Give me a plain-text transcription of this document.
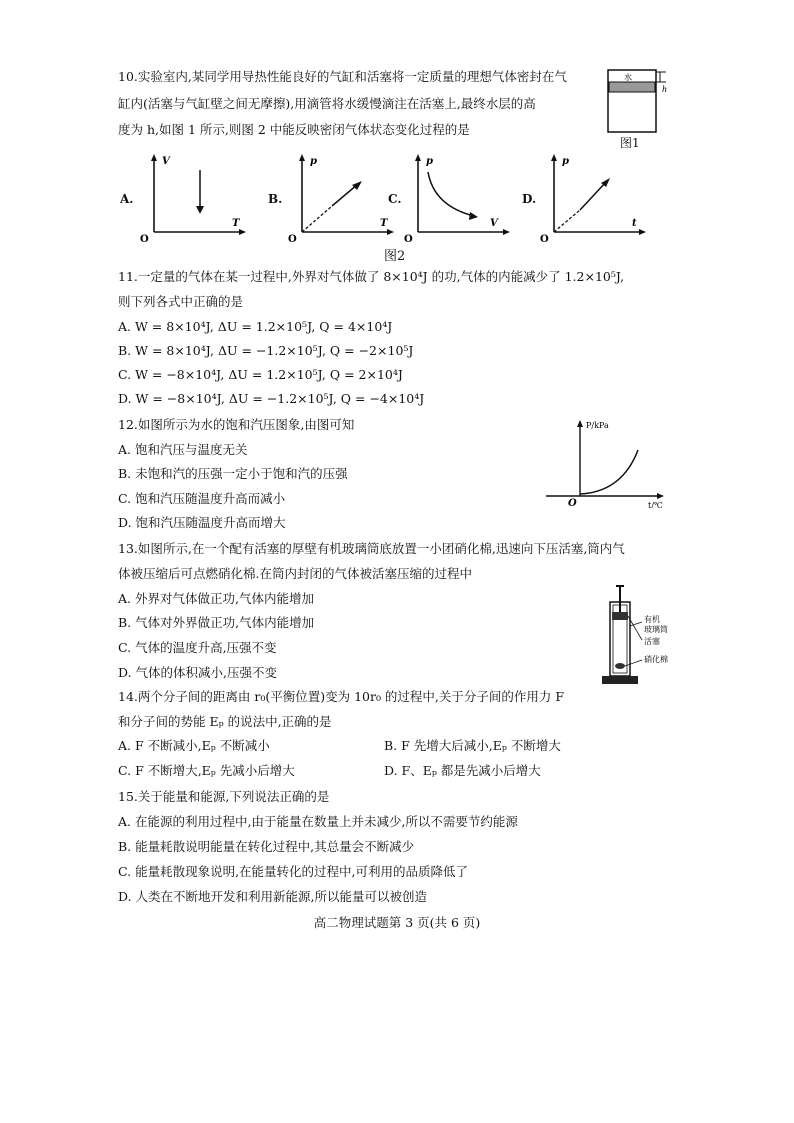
10.实验室内,某同学用导热性能良好的气缸和活塞将一定质量的理想气体密封在气
缸内(活塞与气缸壁之间无摩擦),用滴管将水缓慢滴注在活塞上,最终水层的高
度为 h,如图 1 所示,则图 2 中能反映密闭气体状态变化过程的是
水
h
图1
A.
V
T
O
B.
p
T
O
C.
p
V
O
D.
p
t
O
图2
11.一定量的气体在某一过程中,外界对气体做了 8×10⁴J 的功,气体的内能减少了 1.2×10⁵J,
则下列各式中正确的是
A. W = 8×10⁴J, ΔU = 1.2×10⁵J, Q = 4×10⁴J
B. W = 8×10⁴J, ΔU = −1.2×10⁵J, Q = −2×10⁵J
C. W = −8×10⁴J, ΔU = 1.2×10⁵J, Q = 2×10⁴J
D. W = −8×10⁴J, ΔU = −1.2×10⁵J, Q = −4×10⁴J
12.如图所示为水的饱和汽压图象,由图可知
A. 饱和汽压与温度无关
B. 未饱和汽的压强一定小于饱和汽的压强
C. 饱和汽压随温度升高而减小
D. 饱和汽压随温度升高而增大
P/kPa
t/℃
O
13.如图所示,在一个配有活塞的厚壁有机玻璃筒底放置一小团硝化棉,迅速向下压活塞,筒内气
体被压缩后可点燃硝化棉.在筒内封闭的气体被活塞压缩的过程中
A. 外界对气体做正功,气体内能增加
B. 气体对外界做正功,气体内能增加
C. 气体的温度升高,压强不变
D. 气体的体积减小,压强不变
有机
玻璃筒
活塞
硝化棉
14.两个分子间的距离由 r₀(平衡位置)变为 10r₀ 的过程中,关于分子间的作用力 F
和分子间的势能 Eₚ 的说法中,正确的是
A. F 不断减小,Eₚ 不断减小	B. F 先增大后减小,Eₚ 不断增大
C. F 不断增大,Eₚ 先减小后增大	D. F、Eₚ 都是先减小后增大
15.关于能量和能源,下列说法正确的是
A. 在能源的利用过程中,由于能量在数量上并未减少,所以不需要节约能源
B. 能量耗散说明能量在转化过程中,其总量会不断减少
C. 能量耗散现象说明,在能量转化的过程中,可利用的品质降低了
D. 人类在不断地开发和利用新能源,所以能量可以被创造
高二物理试题第 3 页(共 6 页)
